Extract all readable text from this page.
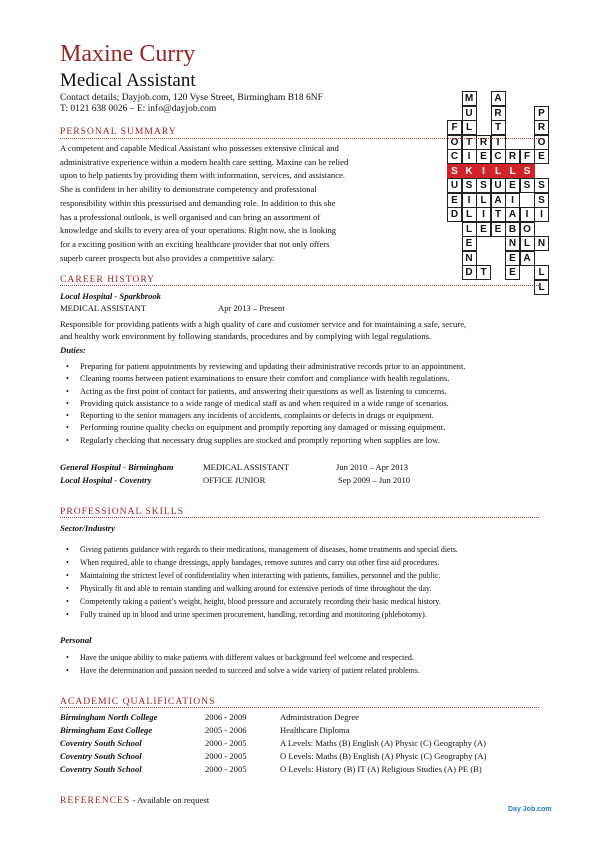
Maxine Curry
Medical Assistant
Contact details; Dayjob.com, 120 Vyse Street, Birmingham B18 6NF
T: 0121 638 0026 – E: info@dayjob.com
M	A
U	R	P
F L	T	R
O T R I	O
C I E C R F E
S K I	L L S
U S S U E S S
E I	L A I	S
D L	I	T A I	I
L E E B O
E	N L N
N	E A
D T	E	L
L
PERSONAL SUMMARY
A competent and capable Medical Assistant who possesses extensive clinical and
administrative experience within a modern health care setting. Maxine can be relied
upon to help patients by providing them with information, services, and assistance.
She is confident in her ability to demonstrate competency and professional
responsibility within this pressurised and demanding role. In addition to this she
has a professional outlook, is well organised and can bring an assortment of
knowledge and skills to every area of your operations. Right now, she is looking
for a exciting position with an exciting healthcare provider that not only offers
superb career prospects but also provides a competitive salary.
CAREER HISTORY
Local Hospital - Sparkbrook
MEDICAL ASSISTANT	Apr 2013 – Present
Responsible for providing patients with a high quality of care and customer service and for maintaining a safe, secure,
and healthy work environment by following standards, procedures and by complying with legal regulations.
Duties:
• Preparing for patient appointments by reviewing and updating their administrative records prior to an appointment.
• Cleaning rooms between patient examinations to ensure their comfort and compliance with health regulations.
• Acting as the first point of contact for patients, and answering their questions as well as listening to concerns.
• Providing quick assistance to a wide range of medical staff as and when required in a wide range of scenarios.
• Reporting to the senior managers any incidents of accidents, complaints or defects in drugs or equipment.
• Performing routine quality checks on equipment and promptly reporting any damaged or missing equipment.
• Regularly checking that necessary drug supplies are stocked and promptly reporting when supplies are low.
General Hospital - Birmingham	MEDICAL ASSISTANT	Jun 2010 – Apr 2013
Local Hospital - Coventry	OFFICE JUNIOR	Sep 2009 – Jun 2010
PROFESSIONAL SKILLS
Sector/Industry
• Giving patients guidance with regards to their medications, management of diseases, home treatments and special diets.
• When required, able to change dressings, apply bandages, remove sutures and carry out other first aid procedures.
• Maintaining the strictest level of confidentiality when interacting with patients, families, personnel and the public.
• Physically fit and able to remain standing and walking around for extensive periods of time throughout the day.
• Competently taking a patient’s weight, height, blood pressure and accurately recording their basic medical history.
• Fully trained up in blood and urine specimen procurement, handling, recording and monitoring (phlebotomy).
Personal
• Have the unique ability to make patients with different values or background feel welcome and respected.
• Have the determination and passion needed to succeed and solve a wide variety of patient related problems.
ACADEMIC QUALIFICATIONS
Birmingham North College	2006 - 2009	Administration Degree
Birmingham East College	2005 - 2006	Healthcare Diploma
Coventry South School	2000 - 2005	A Levels: Maths (B) English (A) Physic (C) Geography (A)
Coventry South School	2000 - 2005	O Levels: Maths (B) English (A) Physic (C) Geography (A)
Coventry South School	2000 - 2005	O Levels: History (B) IT (A) Religious Studies (A) PE (B)
REFERENCES - Available on request
Day Job.com
